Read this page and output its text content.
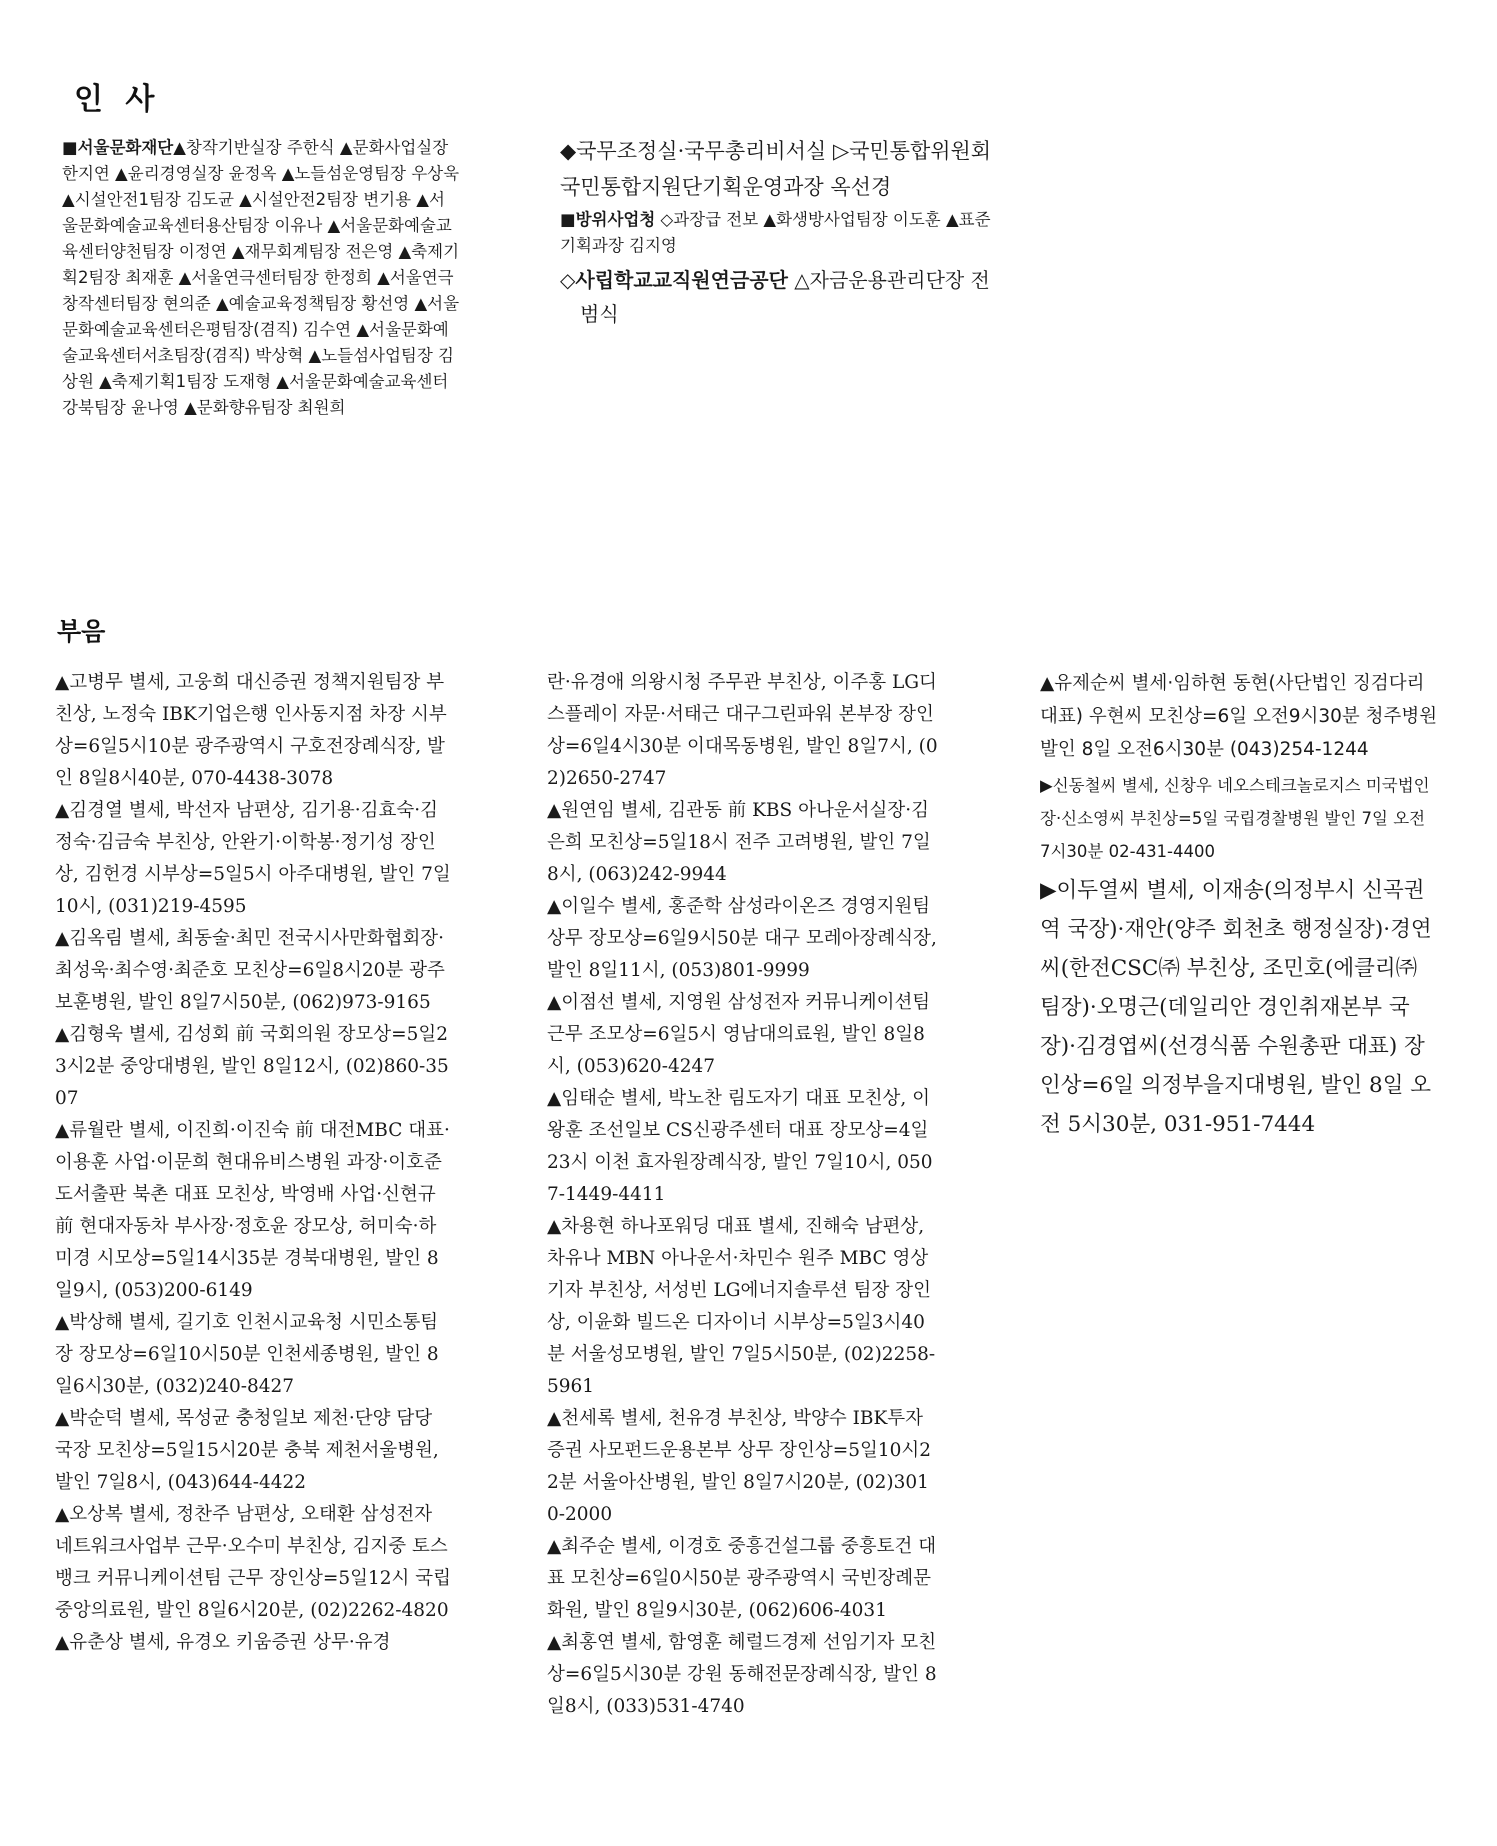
인 사

■서울문화재단▲창작기반실장 주한식 ▲문화사업실장 한지연 ▲윤리경영실장 윤정옥 ▲노들섬운영팀장 우상욱 ▲시설안전1팀장 김도균 ▲시설안전2팀장 변기용 ▲서울문화예술교육센터용산팀장 이유나 ▲서울문화예술교육센터양천팀장 이정연 ▲재무회계팀장 전은영 ▲축제기획2팀장 최재훈 ▲서울연극센터팀장 한정희 ▲서울연극창작센터팀장 현의준 ▲예술교육정책팀장 황선영 ▲서울문화예술교육센터은평팀장(겸직) 김수연 ▲서울문화예술교육센터서초팀장(겸직) 박상혁 ▲노들섬사업팀장 김상원 ▲축제기획1팀장 도재형 ▲서울문화예술교육센터강북팀장 윤나영 ▲문화향유팀장 최원희

◆국무조정실·국무총리비서실 ▷국민통합위원회 국민통합지원단기획운영과장 옥선경

■방위사업청 ◇과장급 전보 ▲화생방사업팀장 이도훈 ▲표준기획과장 김지영

◇사립학교교직원연금공단 △자금운용관리단장 전범식

부음

▲고병무 별세, 고웅희 대신증권 정책지원팀장 부친상, 노정숙 IBK기업은행 인사동지점 차장 시부상=6일5시10분 광주광역시 구호전장례식장, 발인 8일8시40분, 070-4438-3078

▲김경열 별세, 박선자 남편상, 김기용·김효숙·김정숙·김금숙 부친상, 안완기·이학봉·정기성 장인상, 김헌경 시부상=5일5시 아주대병원, 발인 7일10시, (031)219-4595

▲김옥림 별세, 최동술·최민 전국시사만화협회장·최성욱·최수영·최준호 모친상=6일8시20분 광주보훈병원, 발인 8일7시50분, (062)973-9165

▲김형욱 별세, 김성회 前 국회의원 장모상=5일23시2분 중앙대병원, 발인 8일12시, (02)860-3507

▲류월란 별세, 이진희·이진숙 前 대전MBC 대표·이용훈 사업·이문희 현대유비스병원 과장·이호준 도서출판 북촌 대표 모친상, 박영배 사업·신현규 前 현대자동차 부사장·정호윤 장모상, 허미숙·하미경 시모상=5일14시35분 경북대병원, 발인 8일9시, (053)200-6149

▲박상해 별세, 길기호 인천시교육청 시민소통팀장 장모상=6일10시50분 인천세종병원, 발인 8일6시30분, (032)240-8427

▲박순덕 별세, 목성균 충청일보 제천·단양 담당 국장 모친상=5일15시20분 충북 제천서울병원, 발인 7일8시, (043)644-4422

▲오상복 별세, 정찬주 남편상, 오태환 삼성전자 네트워크사업부 근무·오수미 부친상, 김지중 토스뱅크 커뮤니케이션팀 근무 장인상=5일12시 국립중앙의료원, 발인 8일6시20분, (02)2262-4820

▲유춘상 별세, 유경오 키움증권 상무·유경

란·유경애 의왕시청 주무관 부친상, 이주홍 LG디스플레이 자문·서태근 대구그린파워 본부장 장인상=6일4시30분 이대목동병원, 발인 8일7시, (02)2650-2747

▲원연임 별세, 김관동 前 KBS 아나운서실장·김은희 모친상=5일18시 전주 고려병원, 발인 7일8시, (063)242-9944

▲이일수 별세, 홍준학 삼성라이온즈 경영지원팀 상무 장모상=6일9시50분 대구 모레아장례식장, 발인 8일11시, (053)801-9999

▲이점선 별세, 지영원 삼성전자 커뮤니케이션팀 근무 조모상=6일5시 영남대의료원, 발인 8일8시, (053)620-4247

▲임태순 별세, 박노찬 림도자기 대표 모친상, 이왕훈 조선일보 CS신광주센터 대표 장모상=4일23시 이천 효자원장례식장, 발인 7일10시, 0507-1449-4411

▲차용현 하나포워딩 대표 별세, 진해숙 남편상, 차유나 MBN 아나운서·차민수 원주 MBC 영상기자 부친상, 서성빈 LG에너지솔루션 팀장 장인상, 이윤화 빌드온 디자이너 시부상=5일3시40분 서울성모병원, 발인 7일5시50분, (02)2258-5961

▲천세록 별세, 천유경 부친상, 박양수 IBK투자증권 사모펀드운용본부 상무 장인상=5일10시22분 서울아산병원, 발인 8일7시20분, (02)3010-2000

▲최주순 별세, 이경호 중흥건설그룹 중흥토건 대표 모친상=6일0시50분 광주광역시 국빈장례문화원, 발인 8일9시30분, (062)606-4031

▲최홍연 별세, 함영훈 헤럴드경제 선임기자 모친상=6일5시30분 강원 동해전문장례식장, 발인 8일8시, (033)531-4740

▲유제순씨 별세·임하현 동현(사단법인 징검다리 대표) 우현씨 모친상=6일 오전9시30분 청주병원발인 8일 오전6시30분 (043)254-1244

▶신동철씨 별세, 신창우 네오스테크놀로지스 미국법인장·신소영씨 부친상=5일 국립경찰병원 발인 7일 오전 7시30분 02-431-4400

▶이두열씨 별세, 이재송(의정부시 신곡권역 국장)·재안(양주 회천초 행정실장)·경연씨(한전CSC㈜ 부친상, 조민호(에클리㈜ 팀장)·오명근(데일리안 경인취재본부 국장)·김경엽씨(선경식품 수원총판 대표) 장인상=6일 의정부을지대병원, 발인 8일 오전 5시30분, 031-951-7444
